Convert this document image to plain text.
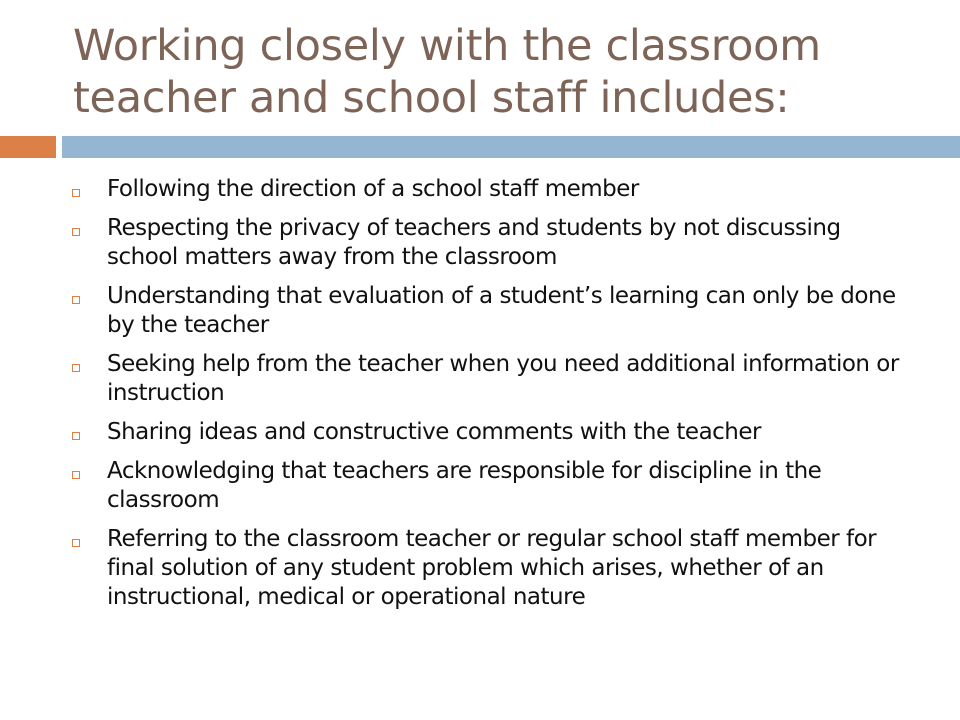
Working closely with the classroom
teacher and school staff includes:
Following the direction of a school staff member
Respecting the privacy of teachers and students by not discussing school matters away from the classroom
Understanding that evaluation of a student’s learning can only be done by the teacher
Seeking help from the teacher when you need additional information or instruction
Sharing ideas and constructive comments with the teacher
Acknowledging that teachers are responsible for discipline in the classroom
Referring to the classroom teacher or regular school staff member for final solution of any student problem which arises, whether of an instructional, medical or operational nature
